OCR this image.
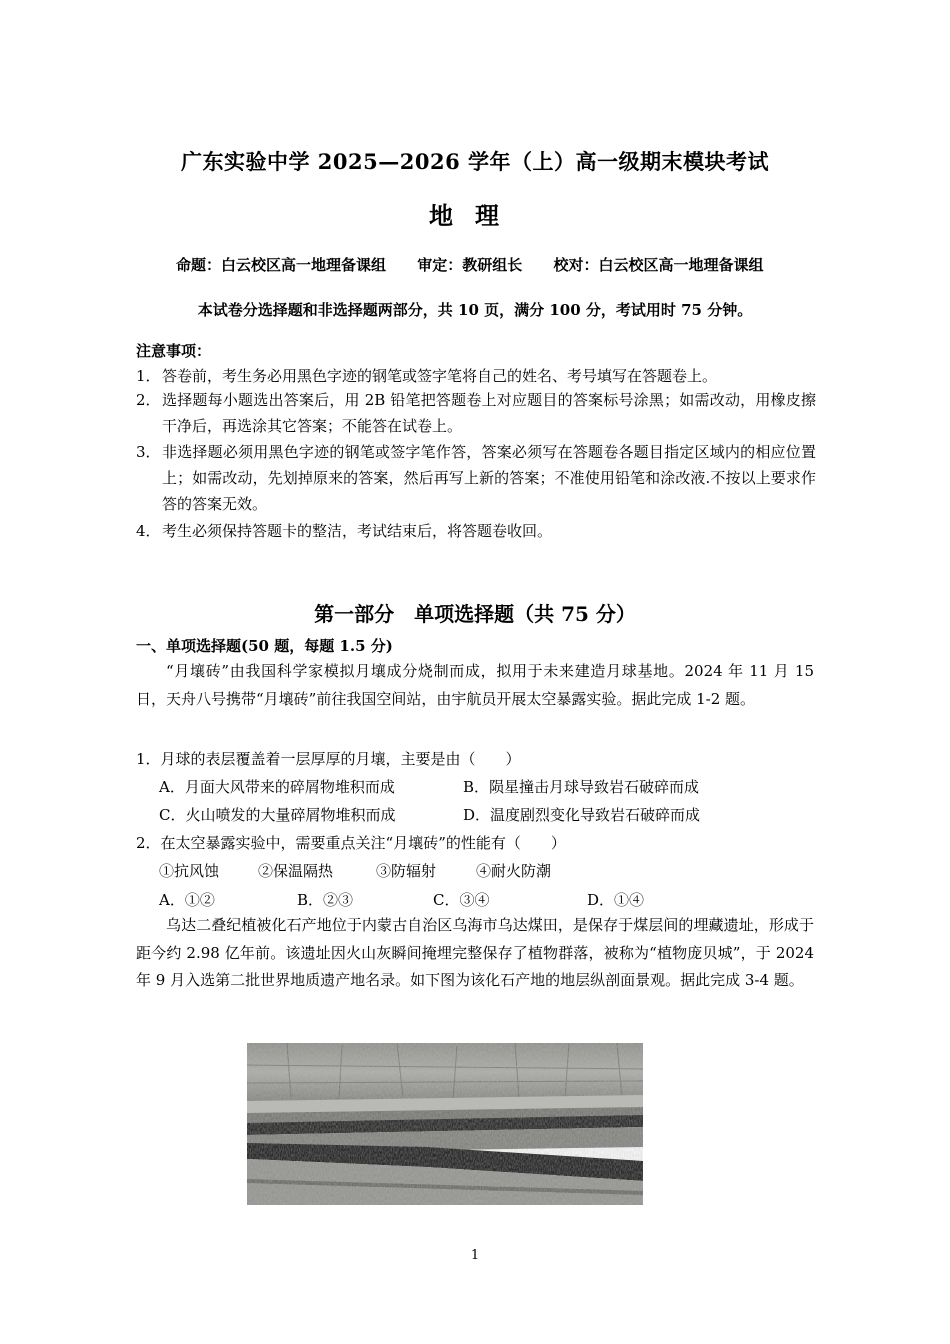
广东实验中学 2025—2026 学年（上）高一级期末模块考试
地理
命题：白云校区高一地理备课组 审定：教研组长 校对：白云校区高一地理备课组
本试卷分选择题和非选择题两部分，共 10 页，满分 100 分，考试用时 75 分钟。
注意事项：
1． 答卷前，考生务必用黑色字迹的钢笔或签字笔将自己的姓名、考号填写在答题卷上。
2． 选择题每小题选出答案后，用 2B 铅笔把答题卷上对应题目的答案标号涂黑；如需改动，用橡皮擦干净后，再选涂其它答案；不能答在试卷上。
3． 非选择题必须用黑色字迹的钢笔或签字笔作答，答案必须写在答题卷各题目指定区域内的相应位置上；如需改动，先划掉原来的答案，然后再写上新的答案；不准使用铅笔和涂改液.不按以上要求作答的答案无效。
4． 考生必须保持答题卡的整洁，考试结束后，将答题卷收回。
第一部分　单项选择题（共 75 分）
一、单项选择题(50 题，每题 1.5 分)
“月壤砖”由我国科学家模拟月壤成分烧制而成，拟用于未来建造月球基地。2024 年 11 月 15 日，天舟八号携带“月壤砖”前往我国空间站，由宇航员开展太空暴露实验。据此完成 1-2 题。
1．月球的表层覆盖着一层厚厚的月壤，主要是由（　　）
A．月面大风带来的碎屑物堆积而成	B．陨星撞击月球导致岩石破碎而成
C．火山喷发的大量碎屑物堆积而成	D．温度剧烈变化导致岩石破碎而成
2．在太空暴露实验中，需要重点关注“月壤砖”的性能有（　　）
①抗风蚀	②保温隔热	③防辐射	④耐火防潮
A．①②	B．②③	C．③④	D．①④
乌达二叠纪植被化石产地位于内蒙古自治区乌海市乌达煤田，是保存于煤层间的埋藏遗址，形成于距今约 2.98 亿年前。该遗址因火山灰瞬间掩埋完整保存了植物群落，被称为“植物庞贝城”，于 2024 年 9 月入选第二批世界地质遗产地名录。如下图为该化石产地的地层纵剖面景观。据此完成 3-4 题。
1
